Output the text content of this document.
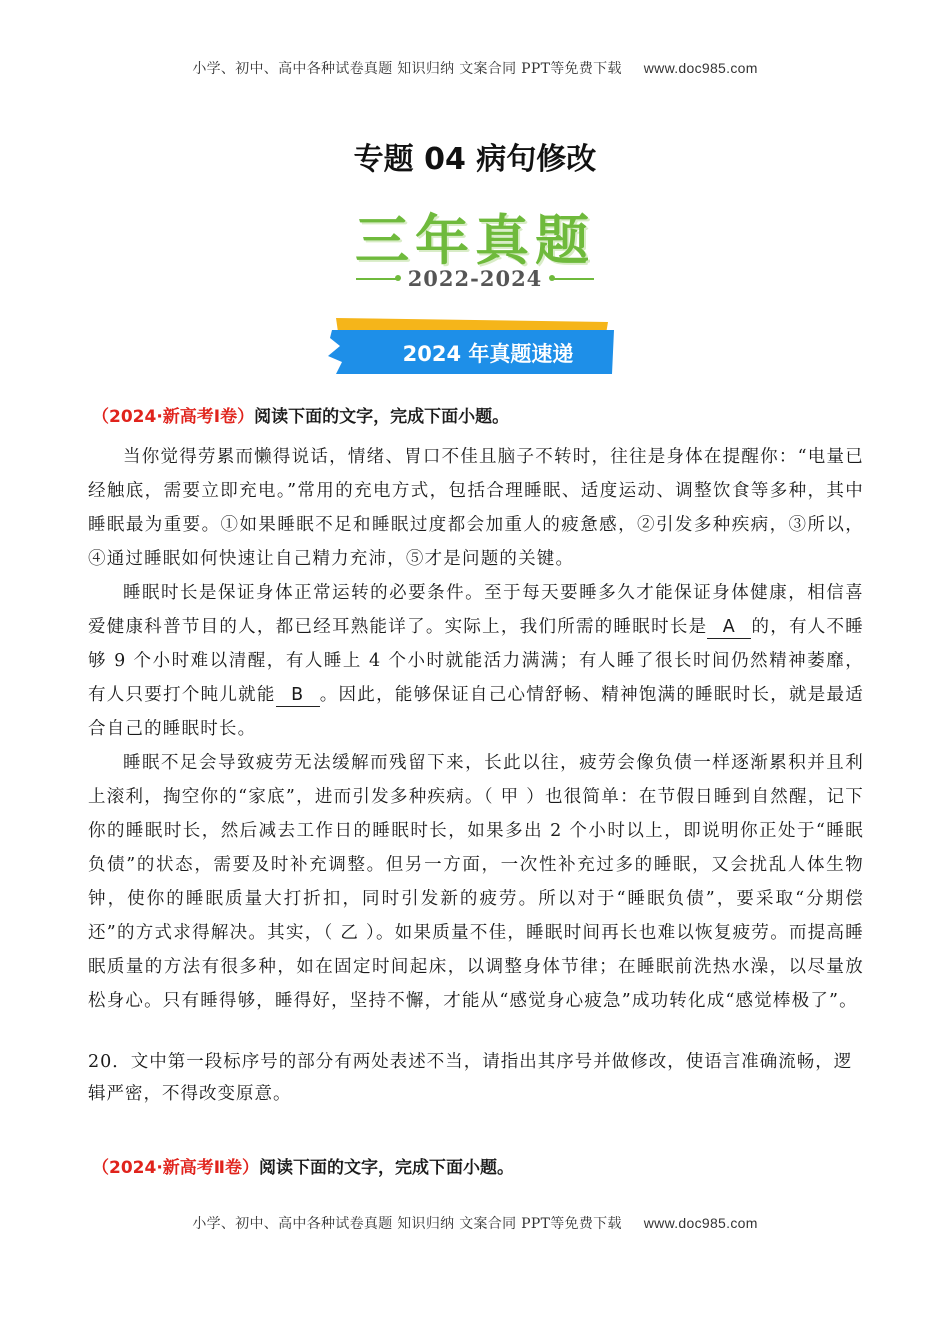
小学、初中、高中各种试卷真题 知识归纳 文案合同 PPT等免费下载 www.doc985.com
专题 04 病句修改
三年真题
2022-2024
2024 年真题速递
（2024·新高考Ⅰ卷）阅读下面的文字，完成下面小题。

当你觉得劳累而懒得说话，情绪、胃口不佳且脑子不转时，往往是身体在提醒你：“电量已经触底，需要立即充电。”常用的充电方式，包括合理睡眠、适度运动、调整饮食等多种，其中睡眠最为重要。①如果睡眠不足和睡眠过度都会加重人的疲惫感，②引发多种疾病，③所以，④通过睡眠如何快速让自己精力充沛，⑤才是问题的关键。

睡眠时长是保证身体正常运转的必要条件。至于每天要睡多久才能保证身体健康，相信喜爱健康科普节目的人，都已经耳熟能详了。实际上，我们所需的睡眠时长是 A 的，有人不睡够 9 个小时难以清醒，有人睡上 4 个小时就能活力满满；有人睡了很长时间仍然精神萎靡，有人只要打个盹儿就能 B 。因此，能够保证自己心情舒畅、精神饱满的睡眠时长，就是最适合自己的睡眠时长。

睡眠不足会导致疲劳无法缓解而残留下来，长此以往，疲劳会像负债一样逐渐累积并且利上滚利，掏空你的“家底”，进而引发多种疾病。（ 甲 ）也很简单：在节假日睡到自然醒，记下你的睡眠时长，然后减去工作日的睡眠时长，如果多出 2 个小时以上，即说明你正处于“睡眠负债”的状态，需要及时补充调整。但另一方面，一次性补充过多的睡眠，又会扰乱人体生物钟，使你的睡眠质量大打折扣，同时引发新的疲劳。所以对于“睡眠负债”，要采取“分期偿还”的方式求得解决。其实，（ 乙 ）。如果质量不佳，睡眠时间再长也难以恢复疲劳。而提高睡眠质量的方法有很多种，如在固定时间起床，以调整身体节律；在睡眠前洗热水澡，以尽量放松身心。只有睡得够，睡得好，坚持不懈，才能从“感觉身心疲急”成功转化成“感觉棒极了”。

20．文中第一段标序号的部分有两处表述不当，请指出其序号并做修改，使语言准确流畅，逻辑严密，不得改变原意。
（2024·新高考Ⅱ卷）阅读下面的文字，完成下面小题。
小学、初中、高中各种试卷真题 知识归纳 文案合同 PPT等免费下载 www.doc985.com
